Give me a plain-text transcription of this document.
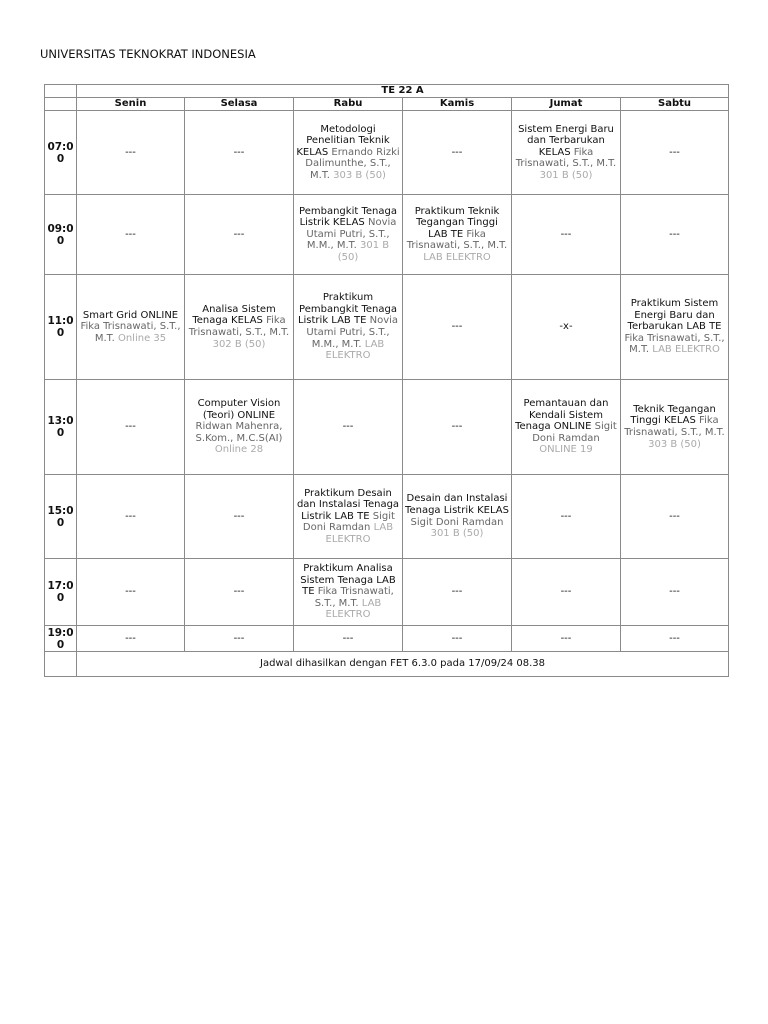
UNIVERSITAS TEKNOKRAT INDONESIA
	TE 22 A					
	Senin	Selasa	Rabu	Kamis	Jumat	Sabtu
07:00	---	---	Metodologi Penelitian Teknik KELAS Ernando Rizki Dalimunthe, S.T., M.T. 303 B (50)	---	Sistem Energi Baru dan Terbarukan KELAS Fika Trisnawati, S.T., M.T. 301 B (50)	---
09:00	---	---	Pembangkit Tenaga Listrik KELAS Novia Utami Putri, S.T., M.M., M.T. 301 B (50)	Praktikum Teknik Tegangan Tinggi LAB TE Fika Trisnawati, S.T., M.T. LAB ELEKTRO	---	---
11:00	Smart Grid ONLINE Fika Trisnawati, S.T., M.T. Online 35	Analisa Sistem Tenaga KELAS Fika Trisnawati, S.T., M.T. 302 B (50)	Praktikum Pembangkit Tenaga Listrik LAB TE Novia Utami Putri, S.T., M.M., M.T. LAB ELEKTRO	---	-x-	Praktikum Sistem Energi Baru dan Terbarukan LAB TE Fika Trisnawati, S.T., M.T. LAB ELEKTRO
13:00	---	Computer Vision (Teori) ONLINE Ridwan Mahenra, S.Kom., M.C.S(AI) Online 28	---	---	Pemantauan dan Kendali Sistem Tenaga ONLINE Sigit Doni Ramdan ONLINE 19	Teknik Tegangan Tinggi KELAS Fika Trisnawati, S.T., M.T. 303 B (50)
15:00	---	---	Praktikum Desain dan Instalasi Tenaga Listrik LAB TE Sigit Doni Ramdan LAB ELEKTRO	Desain dan Instalasi Tenaga Listrik KELAS Sigit Doni Ramdan 301 B (50)	---	---
17:00	---	---	Praktikum Analisa Sistem Tenaga LAB TE Fika Trisnawati, S.T., M.T. LAB ELEKTRO	---	---	---
19:00	---	---	---	---	---	---
	Jadwal dihasilkan dengan FET 6.3.0 pada 17/09/24 08.38					
